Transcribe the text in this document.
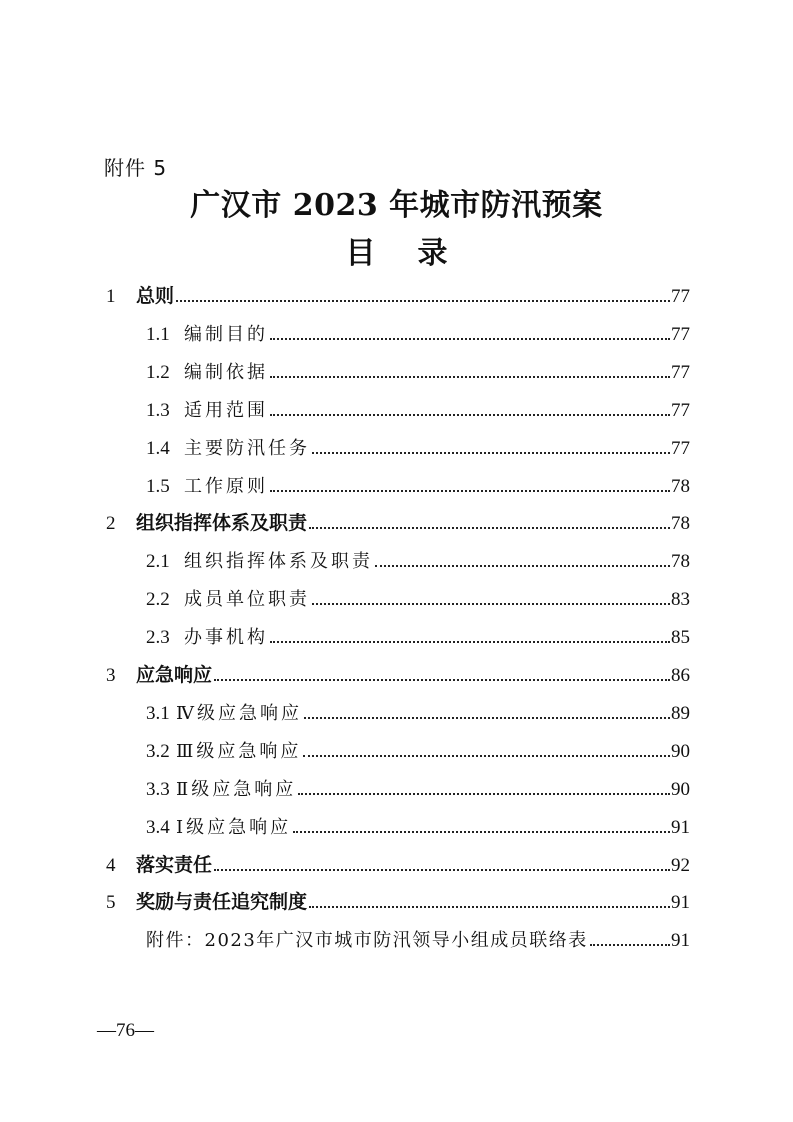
附件 5
广汉市 2023 年城市防汛预案
目 录
1	总则	77
1.1 编制目的	77
1.2 编制依据	77
1.3 适用范围	77
1.4 主要防汛任务	77
1.5 工作原则	78
2	组织指挥体系及职责	78
2.1 组织指挥体系及职责	78
2.2 成员单位职责	83
2.3 办事机构	85
3	应急响应	86
3.1 Ⅳ级应急响应	89
3.2 Ⅲ级应急响应	90
3.3 Ⅱ级应急响应	90
3.4 Ⅰ级应急响应	91
4	落实责任	92
5	奖励与责任追究制度	91
附件：2023年广汉市城市防汛领导小组成员联络表	91
—76—
